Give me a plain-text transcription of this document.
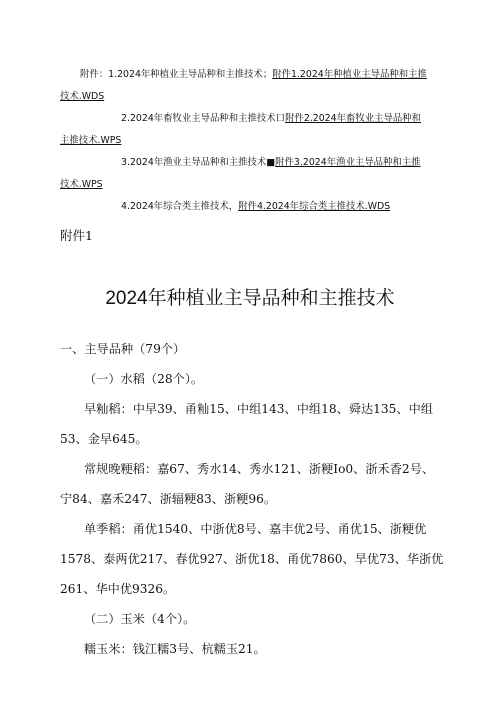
附件：1.2024年种植业主导品种和主推技术；附件1.2024年种植业主导品种和主推
技术.WDS
2.2024年畜牧业主导品种和主推技术口附件2.2024年畜牧业主导品种和
主推技术.WPS
3.2024年渔业主导品种和主推技术■附件3.2024年渔业主导品种和主推
技术.WPS
4.2024年综合类主推技术，附件4.2024年综合类主推技术.WDS
附件1
2024年种植业主导品种和主推技术

一、主导品种（79个）

（一）水稻（28个）。

早籼稻：中早39、甬籼15、中组143、中组18、舜达135、中组

53、金早645。

常规晚粳稻：嘉67、秀水14、秀水121、浙粳Io0、浙禾香2号、

宁84、嘉禾247、浙辐粳83、浙粳96。

单季稻：甬优1540、中浙优8号、嘉丰优2号、甬优15、浙粳优

1578、泰两优217、春优927、浙优18、甬优7860、旱优73、华浙优

261、华中优9326。

（二）玉米（4个）。

糯玉米：钱江糯3号、杭糯玉21。
